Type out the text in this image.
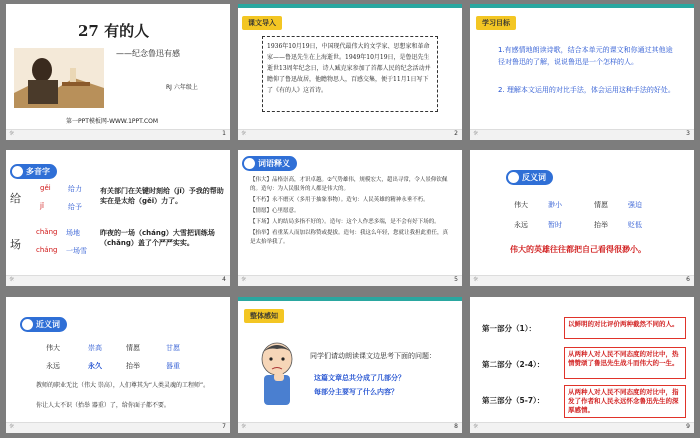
27 有的人
——纪念鲁迅有感
RJ 六年级上
第一PPT模板网-WWW.1PPT.COM
☼	1
课文导入
1936年10月19日，中国现代最伟大的文学家、思想家和革命家——鲁迅先生在上海逝世。1949年10月19日，是鲁迅先生逝世13周年纪念日，诗人臧克家参加了首都人民的纪念活动并瞻仰了鲁迅故居，他瞻物思人，百感交集，便于11月1日写下了《有的人》这首诗。
☼	2
学习目标
1.有感情地朗读诗歌，结合本单元的课文和你通过其他途径对鲁迅的了解，说说鲁迅是一个怎样的人。
2. 理解本文运用的对比手法，体会运用这种手法的好处。
☼	3
多音字
给
gěi 给力
jǐ	给予
场
chǎng 场地
cháng 一场雪
有关部门在关键时刻给（jǐ）予我的帮助实在是太给（gěi）力了。
昨夜的一场（cháng）大雪把训练场（chǎng）盖了个严严实实。
☼	4
词语释义
【伟大】品格崇高，才识卓越。②气势雄伟，规模宏大，超出寻常，令人景仰钦佩的。造句：为人民服务的人都是伟大的。
【不朽】永不磨灭（多用于抽象事物）。造句：人民英雄的精神永垂不朽。
【情愿】心里愿意。
【下场】人的结局多指不好的）。造句：这个人作恶多端，是不会有好下场的。
【抬举】看重某人而加以称赞或提拔。造句：我这么年轻，您就让我担此重任，真是太抬举我了。
☼	5
反义词
伟大	渺小	情愿	强迫
永远	暂时	抬举	贬低
伟大的英雄往往都把自己看得很渺小。
☼	6
近义词
伟大	崇高	情愿	甘愿
永远	永久	抬举	器重
教师的职业无比（伟大 崇高），人们尊其为“人类灵魂的工程师”。
你让人太不识（抬举 器重）了，给你面子都不要。
☼	7
整体感知
同学们请动朗读课文边思考下面的问题：
这篇文章总共分成了几部分？
每部分主要写了什么内容？
☼	8
第一部分（1）：	以鲜明的对比评价两种截然不同的人。
第二部分（2-4）：
从两种人对人民不同态度的对比中，热情赞颂了鲁迅先生战斗而伟大的一生。
第三部分（5-7）：
从两种人对人民不同态度的对比中，指发了作者和人民永远怀念鲁迅先生的深厚感情。
☼	9
